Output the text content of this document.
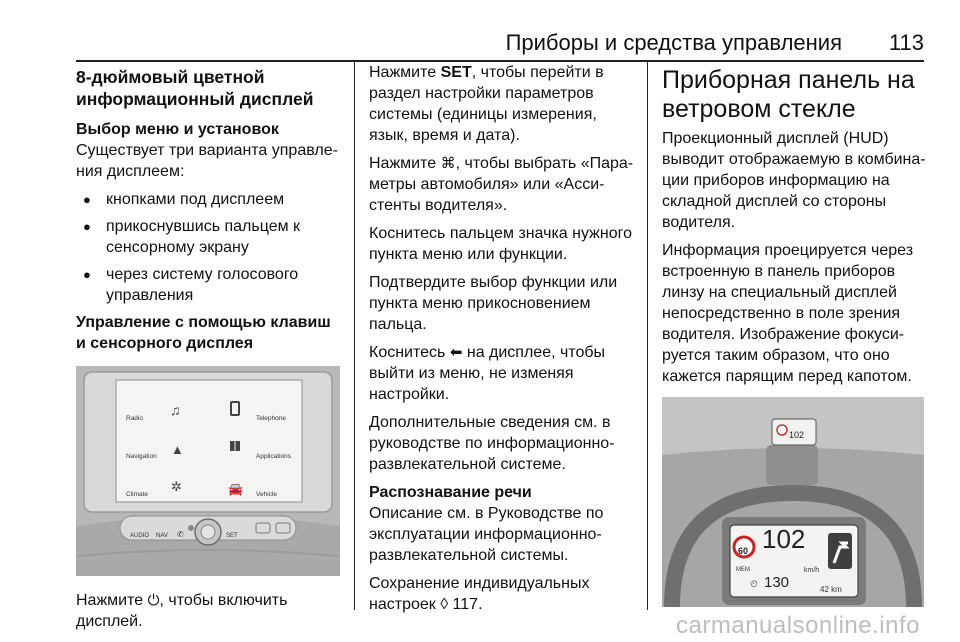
Приборы и средства управления 113
8-дюймовый цветной информационный дисплей
Выбор меню и установок

Существует три варианта управле- ния дисплеем:

● кнопками под дисплеем
● прикоснувшись пальцем к сенсорному экрану
● через систему голосового управления
Управление с помощью клавиш и сенсорного дисплея
Radio
♫
Telephone
Navigation ▲	Applications
Climate
✲	🚘 Vehicle
AUDIO NAV ✆	SET

Нажмите ⏻, чтобы включить дисплей.

Нажмите SET, чтобы перейти в раздел настройки параметров системы (единицы измерения, язык, время и дата).

Нажмите ⌘, чтобы выбрать «Пара- метры автомобиля» или «Асси- стенты водителя».

Коснитесь пальцем значка нужного пункта меню или функции.

Подтвердите выбор функции или пункта меню прикосновением пальца.

Коснитесь ⬅ на дисплее, чтобы выйти из меню, не изменяя настройки.

Дополнительные сведения см. в руководстве по информационно- развлекательной системе.

Распознавание речи

Описание см. в Руководстве по эксплуатации информационно- развлекательной системы.

Сохранение индивидуальных настроек ◊ 117.

Приборная панель на ветровом стекле

Проекционный дисплей (HUD) выводит отображаемую в комбина- ции приборов информацию на складной дисплей со стороны водителя.

Информация проецируется через встроенную в панель приборов линзу на специальный дисплей непосредственно в поле зрения водителя. Изображение фокуси- руется таким образом, что оно кажется парящим перед капотом.

102
60 102
km/h
MEM
⏲ 130	42 km
carmanualsonline.info
